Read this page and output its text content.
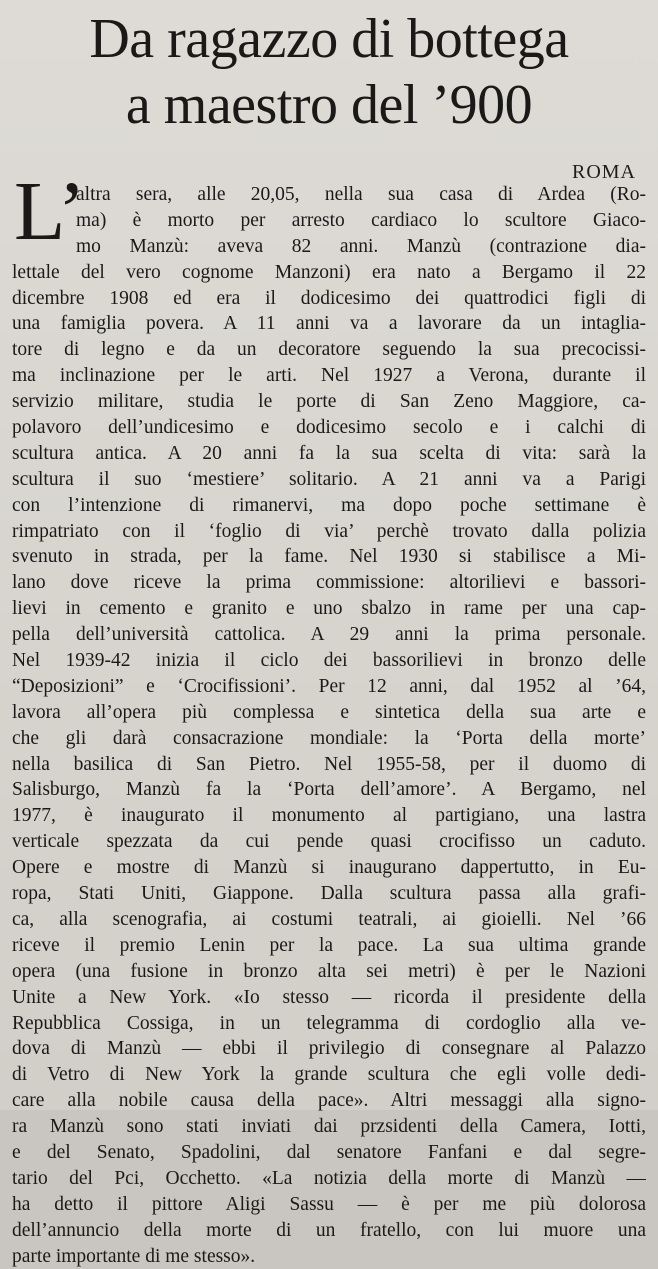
Da ragazzo di bottega
a maestro del ’900
ROMA
L’
altra sera, alle 20,05, nella sua casa di Ardea (Ro-
ma) è morto per arresto cardiaco lo scultore Giaco-
mo Manzù: aveva 82 anni. Manzù (contrazione dia-
lettale del vero cognome Manzoni) era nato a Bergamo il 22
dicembre 1908 ed era il dodicesimo dei quattrodici figli di
una famiglia povera. A 11 anni va a lavorare da un intaglia-
tore di legno e da un decoratore seguendo la sua precocissi-
ma inclinazione per le arti. Nel 1927 a Verona, durante il
servizio militare, studia le porte di San Zeno Maggiore, ca-
polavoro dell’undicesimo e dodicesimo secolo e i calchi di
scultura antica. A 20 anni fa la sua scelta di vita: sarà la
scultura il suo ‘mestiere’ solitario. A 21 anni va a Parigi
con l’intenzione di rimanervi, ma dopo poche settimane è
rimpatriato con il ‘foglio di via’ perchè trovato dalla polizia
svenuto in strada, per la fame. Nel 1930 si stabilisce a Mi-
lano dove riceve la prima commissione: altorilievi e bassori-
lievi in cemento e granito e uno sbalzo in rame per una cap-
pella dell’università cattolica. A 29 anni la prima personale.
Nel 1939-42 inizia il ciclo dei bassorilievi in bronzo delle
“Deposizioni” e ‘Crocifissioni’. Per 12 anni, dal 1952 al ’64,
lavora all’opera più complessa e sintetica della sua arte e
che gli darà consacrazione mondiale: la ‘Porta della morte’
nella basilica di San Pietro. Nel 1955-58, per il duomo di
Salisburgo, Manzù fa la ‘Porta dell’amore’. A Bergamo, nel
1977, è inaugurato il monumento al partigiano, una lastra
verticale spezzata da cui pende quasi crocifisso un caduto.
Opere e mostre di Manzù si inaugurano dappertutto, in Eu-
ropa, Stati Uniti, Giappone. Dalla scultura passa alla grafi-
ca, alla scenografia, ai costumi teatrali, ai gioielli. Nel ’66
riceve il premio Lenin per la pace. La sua ultima grande
opera (una fusione in bronzo alta sei metri) è per le Nazioni
Unite a New York. «Io stesso — ricorda il presidente della
Repubblica Cossiga, in un telegramma di cordoglio alla ve-
dova di Manzù — ebbi il privilegio di consegnare al Palazzo
di Vetro di New York la grande scultura che egli volle dedi-
care alla nobile causa della pace». Altri messaggi alla signo-
ra Manzù sono stati inviati dai przsidenti della Camera, Iotti,
e del Senato, Spadolini, dal senatore Fanfani e dal segre-
tario del Pci, Occhetto. «La notizia della morte di Manzù —
ha detto il pittore Aligi Sassu — è per me più dolorosa
dell’annuncio della morte di un fratello, con lui muore una
parte importante di me stesso».
